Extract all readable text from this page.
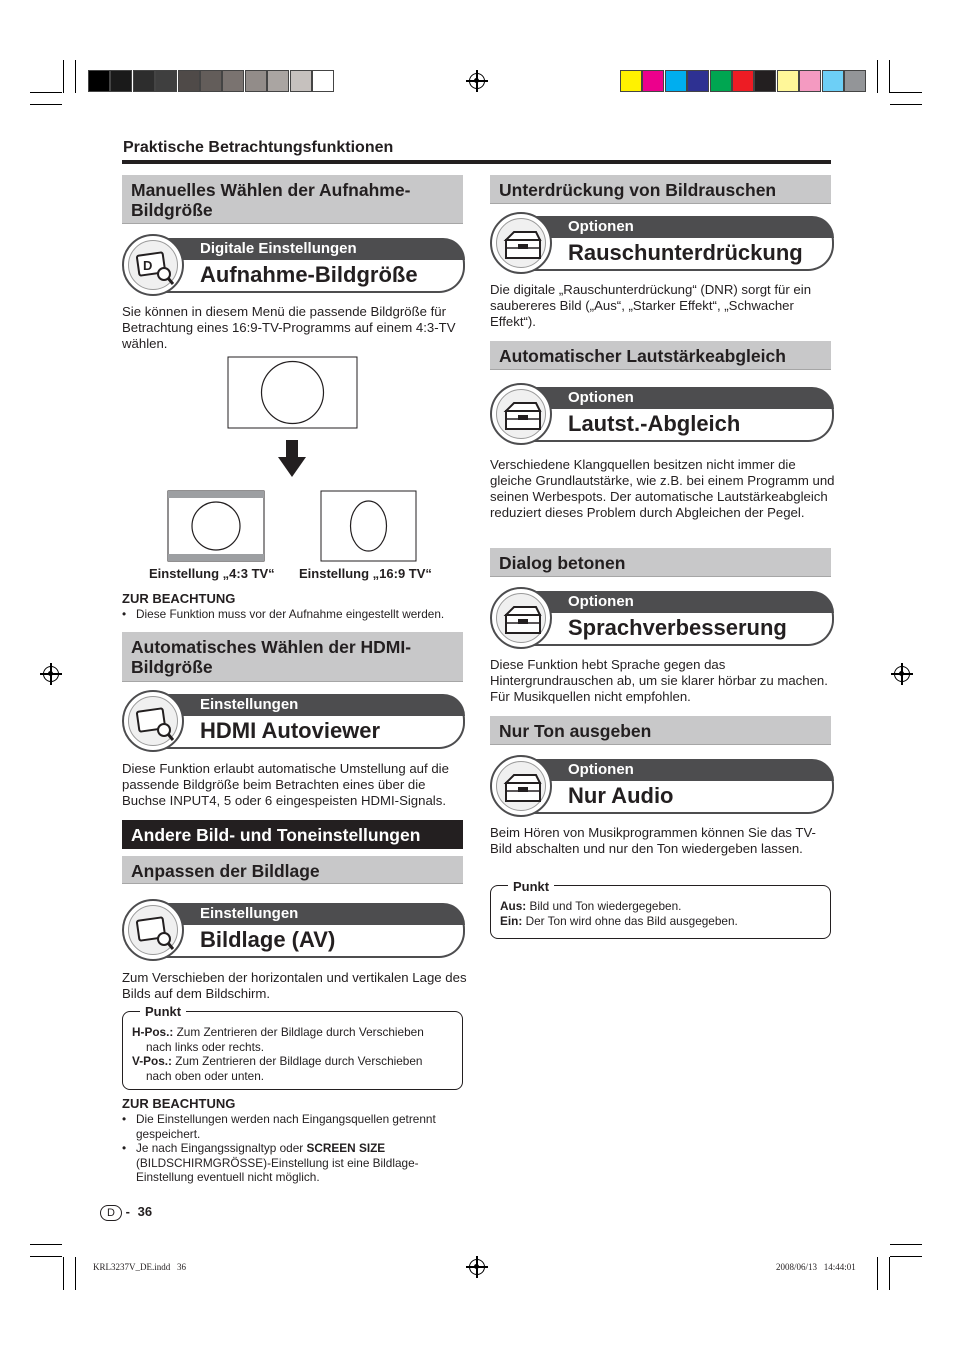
Praktische Betrachtungsfunktionen
Manuelles Wählen der Aufnahme-
Bildgröße
D
Digitale Einstellungen
Aufnahme-Bildgröße
Sie können in diesem Menü die passende Bildgröße für Betrachtung eines 16:9-TV-Programms auf einem 4:3-TV wählen.
Einstellung „4:3 TV“ Einstellung „16:9 TV“
ZUR BEACHTUNG
• Diese Funktion muss vor der Aufnahme eingestellt werden.
Automatisches Wählen der HDMI-
Bildgröße
Einstellungen
HDMI Autoviewer
Diese Funktion erlaubt automatische Umstellung auf die passende Bildgröße beim Betrachten eines über die Buchse INPUT4, 5 oder 6 eingespeisten HDMI-Signals.
Andere Bild- und Toneinstellungen
Anpassen der Bildlage
Einstellungen
Bildlage (AV)
Zum Verschieben der horizontalen und vertikalen Lage des Bilds auf dem Bildschirm.
Punkt
H-Pos.: Zum Zentrieren der Bildlage durch Verschieben
nach links oder rechts.
V-Pos.: Zum Zentrieren der Bildlage durch Verschieben
nach oben oder unten.
ZUR BEACHTUNG
• Die Einstellungen werden nach Eingangsquellen getrennt gespeichert.
• Je nach Eingangssignaltyp oder SCREEN SIZE
(BILDSCHIRMGRÖSSE)-Einstellung ist eine Bildlage-Einstellung eventuell nicht möglich.
Unterdrückung von Bildrauschen
Optionen
Rauschunterdrückung
Die digitale „Rauschunterdrückung“ (DNR) sorgt für ein saubereres Bild („Aus“, „Starker Effekt“, „Schwacher Effekt“).
Automatischer Lautstärkeabgleich
Optionen
Lautst.-Abgleich
Verschiedene Klangquellen besitzen nicht immer die gleiche Grundlautstärke, wie z.B. bei einem Programm und seinen Werbespots. Der automatische Lautstärkeabgleich reduziert dieses Problem durch Abgleichen der Pegel.
Dialog betonen
Optionen
Sprachverbesserung
Diese Funktion hebt Sprache gegen das Hintergrundrauschen ab, um sie klarer hörbar zu machen. Für Musikquellen nicht empfohlen.
Nur Ton ausgeben
Optionen
Nur Audio
Beim Hören von Musikprogrammen können Sie das TV-Bild abschalten und nur den Ton wiedergeben lassen.
Punkt
Aus: Bild und Ton wiedergegeben.
Ein: Der Ton wird ohne das Bild ausgegeben.
D - 36
KRL3237V_DE.indd   36	2008/06/13   14:44:01
